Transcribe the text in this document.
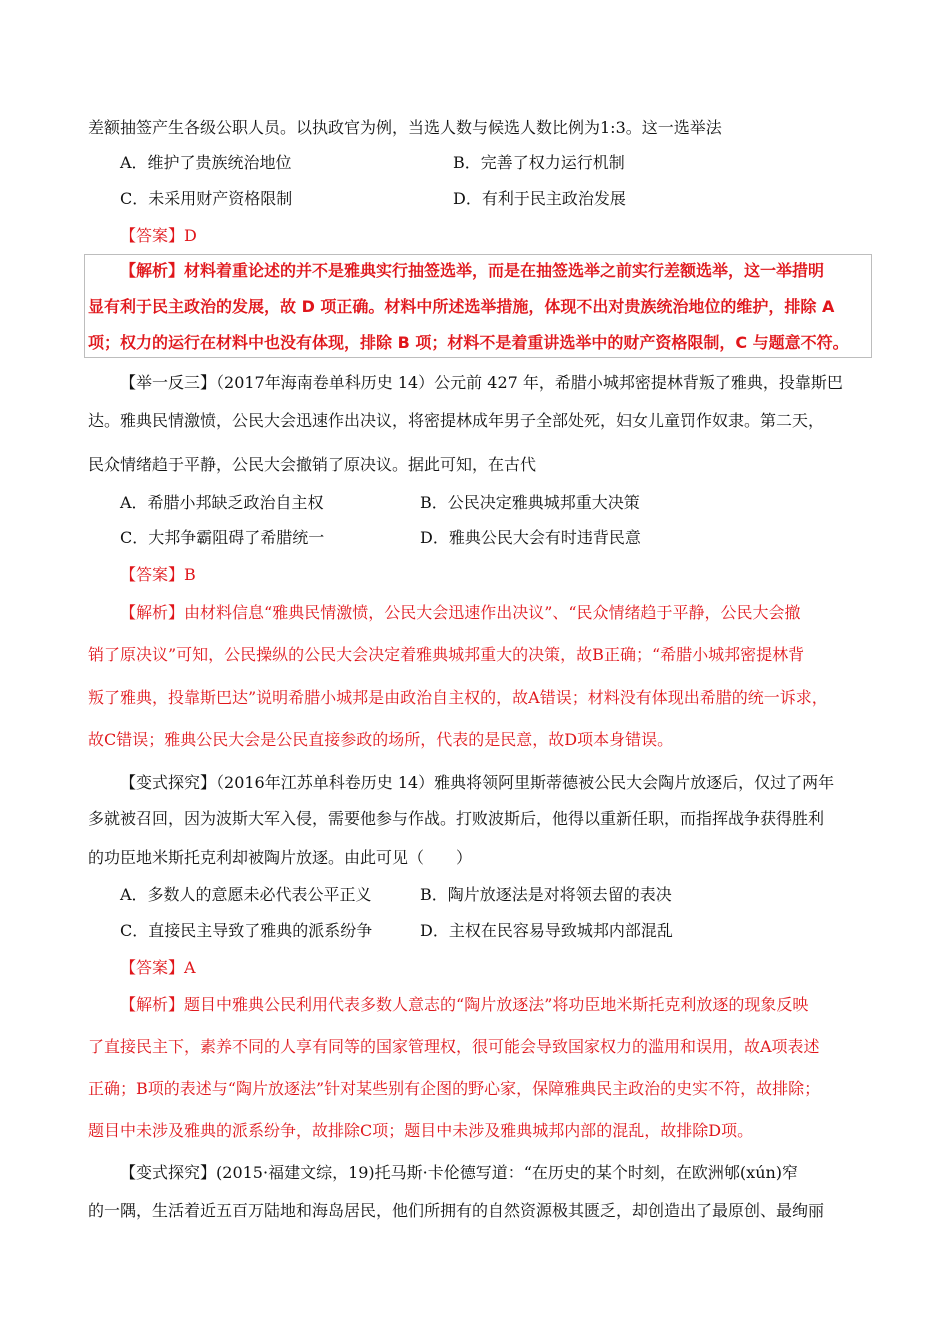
差额抽签产生各级公职人员。以执政官为例，当选人数与候选人数比例为1:3。这一选举法
A．维护了贵族统治地位	B．完善了权力运行机制
C．未采用财产资格限制	D．有利于民主政治发展
【答案】D
【解析】材料着重论述的并不是雅典实行抽签选举，而是在抽签选举之前实行差额选举，这一举措明
显有利于民主政治的发展，故 D 项正确。材料中所述选举措施，体现不出对贵族统治地位的维护，排除 A
项；权力的运行在材料中也没有体现，排除 B 项；材料不是着重讲选举中的财产资格限制，C 与题意不符。
【举一反三】（2017年海南卷单科历史 14）公元前 427 年，希腊小城邦密提林背叛了雅典，投靠斯巴
达。雅典民情激愤，公民大会迅速作出决议，将密提林成年男子全部处死，妇女儿童罚作奴隶。第二天，
民众情绪趋于平静，公民大会撤销了原决议。据此可知，在古代
A．希腊小邦缺乏政治自主权	B．公民决定雅典城邦重大决策
C．大邦争霸阻碍了希腊统一	D．雅典公民大会有时违背民意
【答案】B
【解析】由材料信息“雅典民情激愤，公民大会迅速作出决议”、“民众情绪趋于平静，公民大会撤
销了原决议”可知，公民操纵的公民大会决定着雅典城邦重大的决策，故B正确；“希腊小城邦密提林背
叛了雅典，投靠斯巴达”说明希腊小城邦是由政治自主权的，故A错误；材料没有体现出希腊的统一诉求，
故C错误；雅典公民大会是公民直接参政的场所，代表的是民意，故D项本身错误。
【变式探究】（2016年江苏单科卷历史 14）雅典将领阿里斯蒂德被公民大会陶片放逐后，仅过了两年
多就被召回，因为波斯大军入侵，需要他参与作战。打败波斯后，他得以重新任职，而指挥战争获得胜利
的功臣地米斯托克利却被陶片放逐。由此可见（　　）
A．多数人的意愿未必代表公平正义	B．陶片放逐法是对将领去留的表决
C．直接民主导致了雅典的派系纷争	D．主权在民容易导致城邦内部混乱
【答案】A
【解析】题目中雅典公民利用代表多数人意志的“陶片放逐法”将功臣地米斯托克利放逐的现象反映
了直接民主下，素养不同的人享有同等的国家管理权，很可能会导致国家权力的滥用和误用，故A项表述
正确；B项的表述与“陶片放逐法”针对某些别有企图的野心家，保障雅典民主政治的史实不符，故排除；
题目中未涉及雅典的派系纷争，故排除C项；题目中未涉及雅典城邦内部的混乱，故排除D项。
【变式探究】(2015·福建文综，19)托马斯·卡伦德写道：“在历史的某个时刻，在欧洲郇(xún)窄
的一隅，生活着近五百万陆地和海岛居民，他们所拥有的自然资源极其匮乏，却创造出了最原创、最绚丽
